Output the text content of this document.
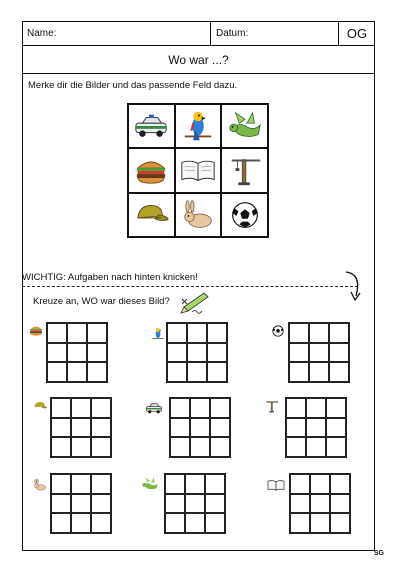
Name:	Datum:	OG
Wo war ...?
Merke dir die Bilder und das passende Feld dazu.
WICHTIG: Aufgaben nach hinten knicken!
Kreuze an, WO war dieses Bild?
SG
